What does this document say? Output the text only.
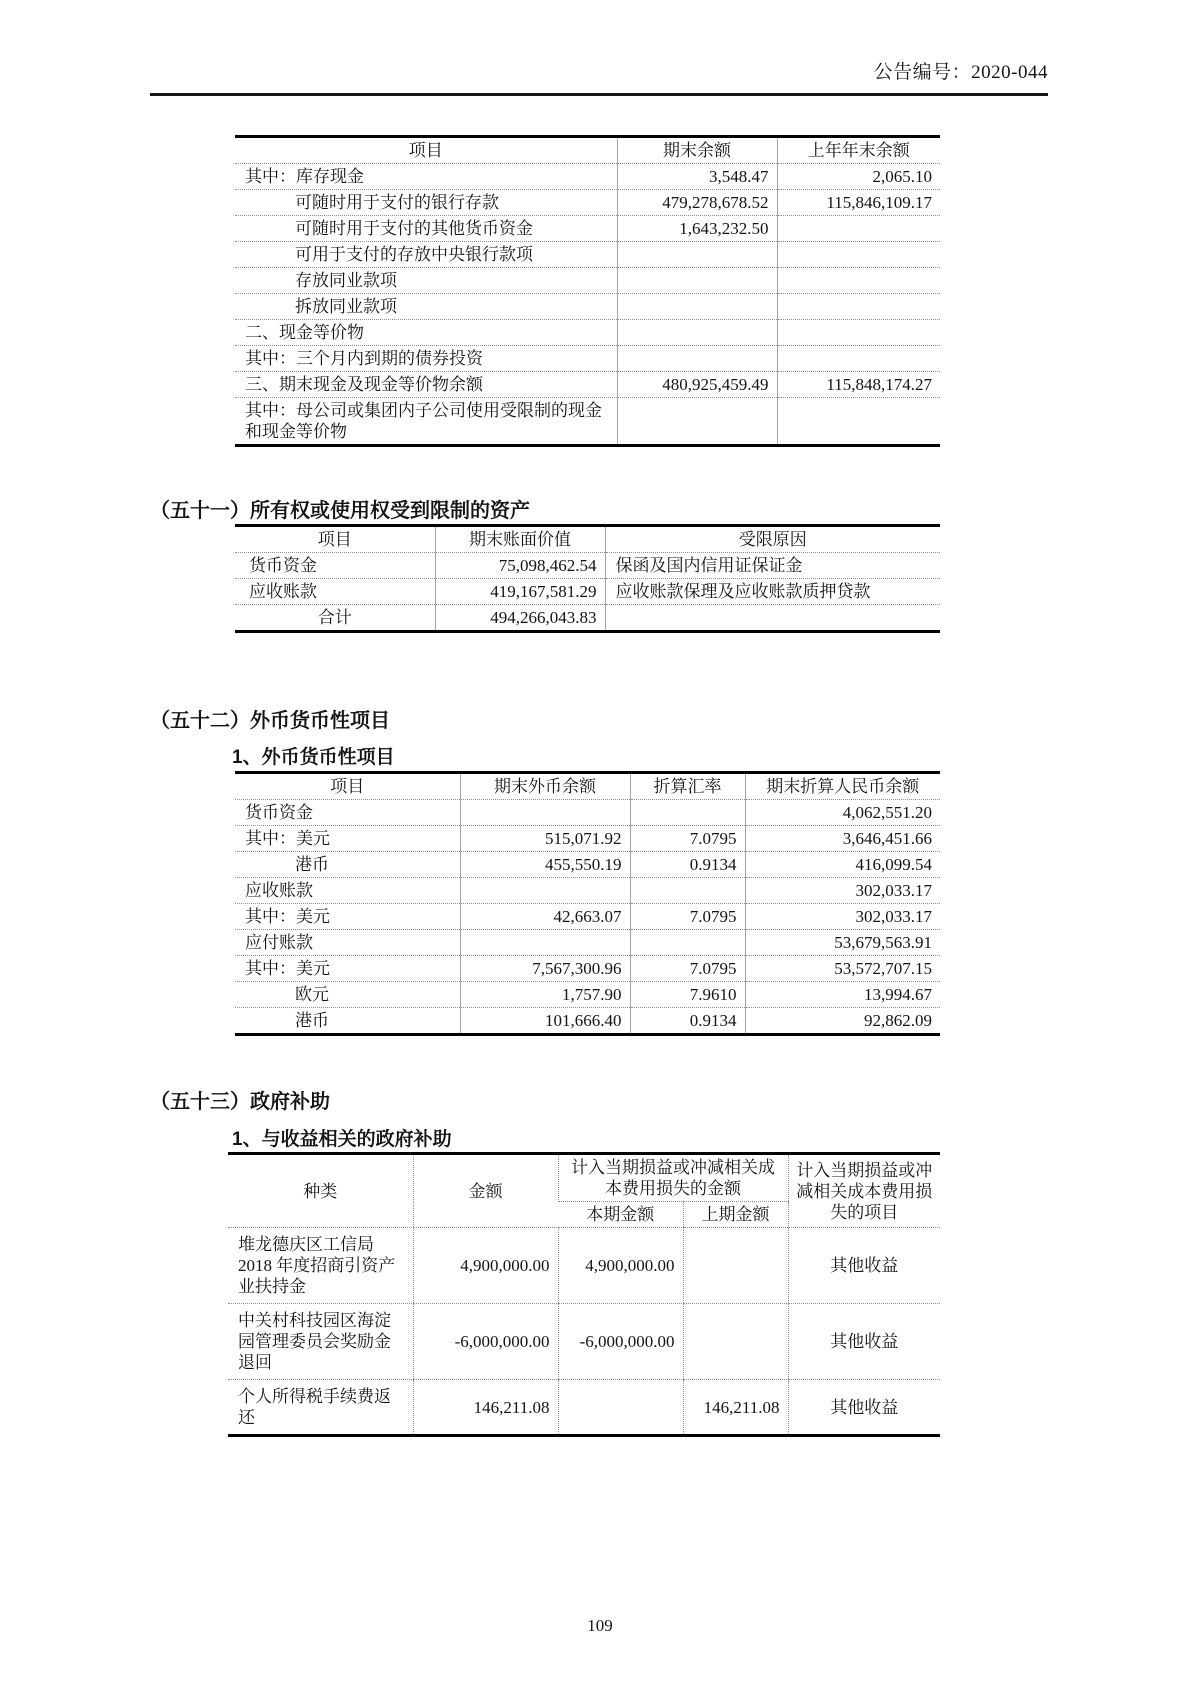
公告编号：2020-044
项目	期末余额	上年年末余额
其中：库存现金	3,548.47	2,065.10
可随时用于支付的银行存款	479,278,678.52	115,846,109.17
可随时用于支付的其他货币资金	1,643,232.50	
可用于支付的存放中央银行款项		
存放同业款项		
拆放同业款项		
二、现金等价物		
其中：三个月内到期的债券投资		
三、期末现金及现金等价物余额	480,925,459.49	115,848,174.27
其中：母公司或集团内子公司使用受限制的现金和现金等价物		
（五十一）所有权或使用权受到限制的资产
项目	期末账面价值	受限原因
货币资金	75,098,462.54	保函及国内信用证保证金
应收账款	419,167,581.29	应收账款保理及应收账款质押贷款
合计	494,266,043.83	
（五十二）外币货币性项目
1、外币货币性项目
项目	期末外币余额	折算汇率	期末折算人民币余额
货币资金			4,062,551.20
其中：美元	515,071.92	7.0795	3,646,451.66
港币	455,550.19	0.9134	416,099.54
应收账款			302,033.17
其中：美元	42,663.07	7.0795	302,033.17
应付账款			53,679,563.91
其中：美元	7,567,300.96	7.0795	53,572,707.15
欧元	1,757.90	7.9610	13,994.67
港币	101,666.40	0.9134	92,862.09
（五十三）政府补助
1、与收益相关的政府补助
种类	金额	计入当期损益或冲减相关成本费用损失的金额		计入当期损益或冲减相关成本费用损失的项目
		本期金额	上期金额	
堆龙德庆区工信局2018 年度招商引资产业扶持金	4,900,000.00	4,900,000.00		其他收益
中关村科技园区海淀园管理委员会奖励金退回	-6,000,000.00	-6,000,000.00		其他收益
个人所得税手续费返还	146,211.08		146,211.08	其他收益
109
